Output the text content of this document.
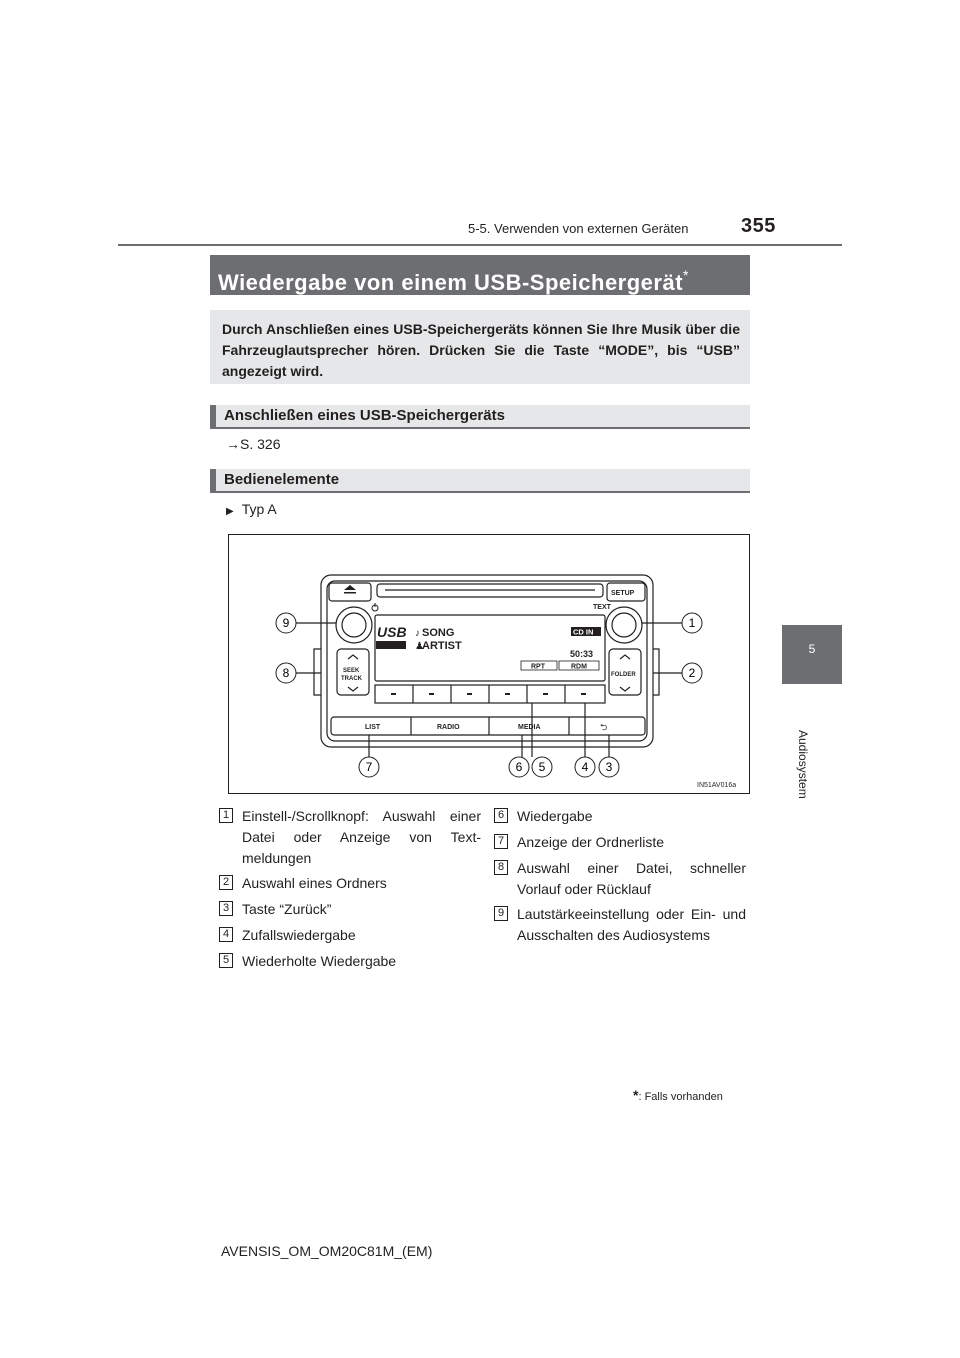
5-5. Verwenden von externen Geräten	355
5
Audiosystem
Wiedergabe von einem USB-Speichergerät*
Durch Anschließen eines USB-Speichergeräts können Sie Ihre Musik über die Fahrzeuglautsprecher hören. Drücken Sie die Taste “MODE”, bis “USB” angezeigt wird.
Anschließen eines USB-Speichergeräts
→S. 326
Bedienelemente
▶ Typ A
SETUP
TEXT
USB SONG
ARTIST
♪
♟
CD IN
50:33
RPT	RDM
SEEK
TRACK
FOLDER
LIST	RADIO	MEDIA	⮌
IN51AV016a
9
8
1
2
7	6 5	4 3
1 Einstell-/Scrollknopf: Auswahl einer Datei oder Anzeige von Textmeldungen
2 Auswahl eines Ordners
3 Taste “Zurück”
4 Zufallswiedergabe
5 Wiederholte Wiedergabe
6 Wiedergabe
7 Anzeige der Ordnerliste
8 Auswahl einer Datei, schneller Vorlauf oder Rücklauf
9 Lautstärkeeinstellung oder Ein- und Ausschalten des Audiosystems
*: Falls vorhanden
AVENSIS_OM_OM20C81M_(EM)
